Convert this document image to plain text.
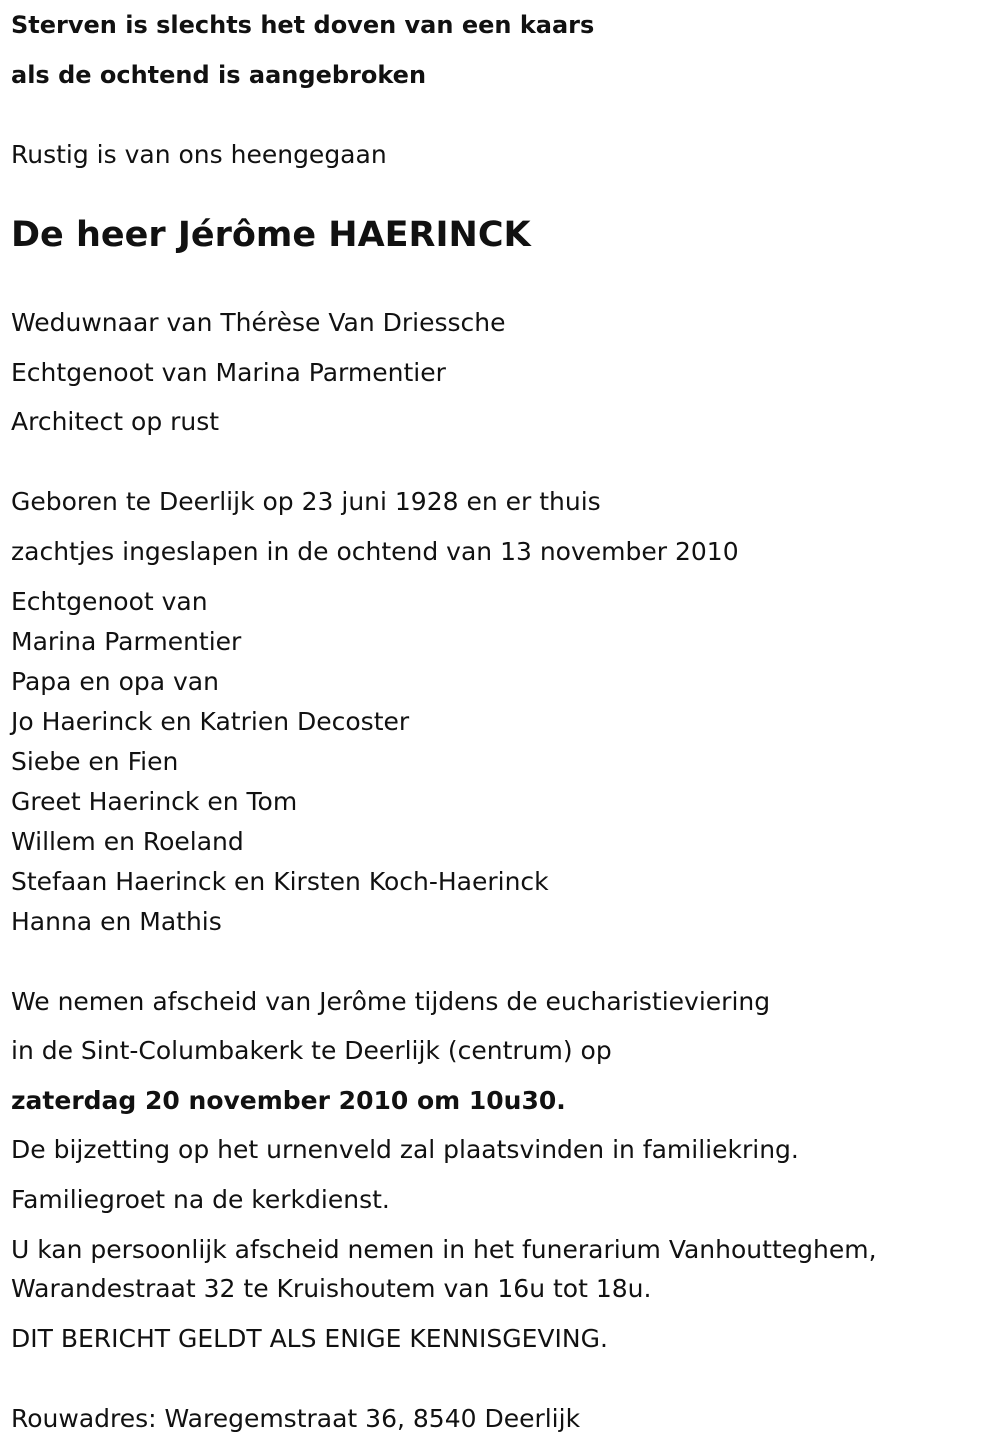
Sterven is slechts het doven van een kaars
als de ochtend is aangebroken
Rustig is van ons heengegaan
De heer Jérôme HAERINCK
Weduwnaar van Thérèse Van Driessche
Echtgenoot van Marina Parmentier
Architect op rust
Geboren te Deerlijk op 23 juni 1928 en er thuis
zachtjes ingeslapen in de ochtend van 13 november 2010
Echtgenoot van
Marina Parmentier
Papa en opa van
Jo Haerinck en Katrien Decoster
Siebe en Fien
Greet Haerinck en Tom
Willem en Roeland
Stefaan Haerinck en Kirsten Koch-Haerinck
Hanna en Mathis
We nemen afscheid van Jerôme tijdens de eucharistieviering
in de Sint-Columbakerk te Deerlijk (centrum) op
zaterdag 20 november 2010 om 10u30.
De bijzetting op het urnenveld zal plaatsvinden in familiekring.
Familiegroet na de kerkdienst.
U kan persoonlijk afscheid nemen in het funerarium Vanhoutteghem,
Warandestraat 32 te Kruishoutem van 16u tot 18u.
DIT BERICHT GELDT ALS ENIGE KENNISGEVING.
Rouwadres: Waregemstraat 36, 8540 Deerlijk
